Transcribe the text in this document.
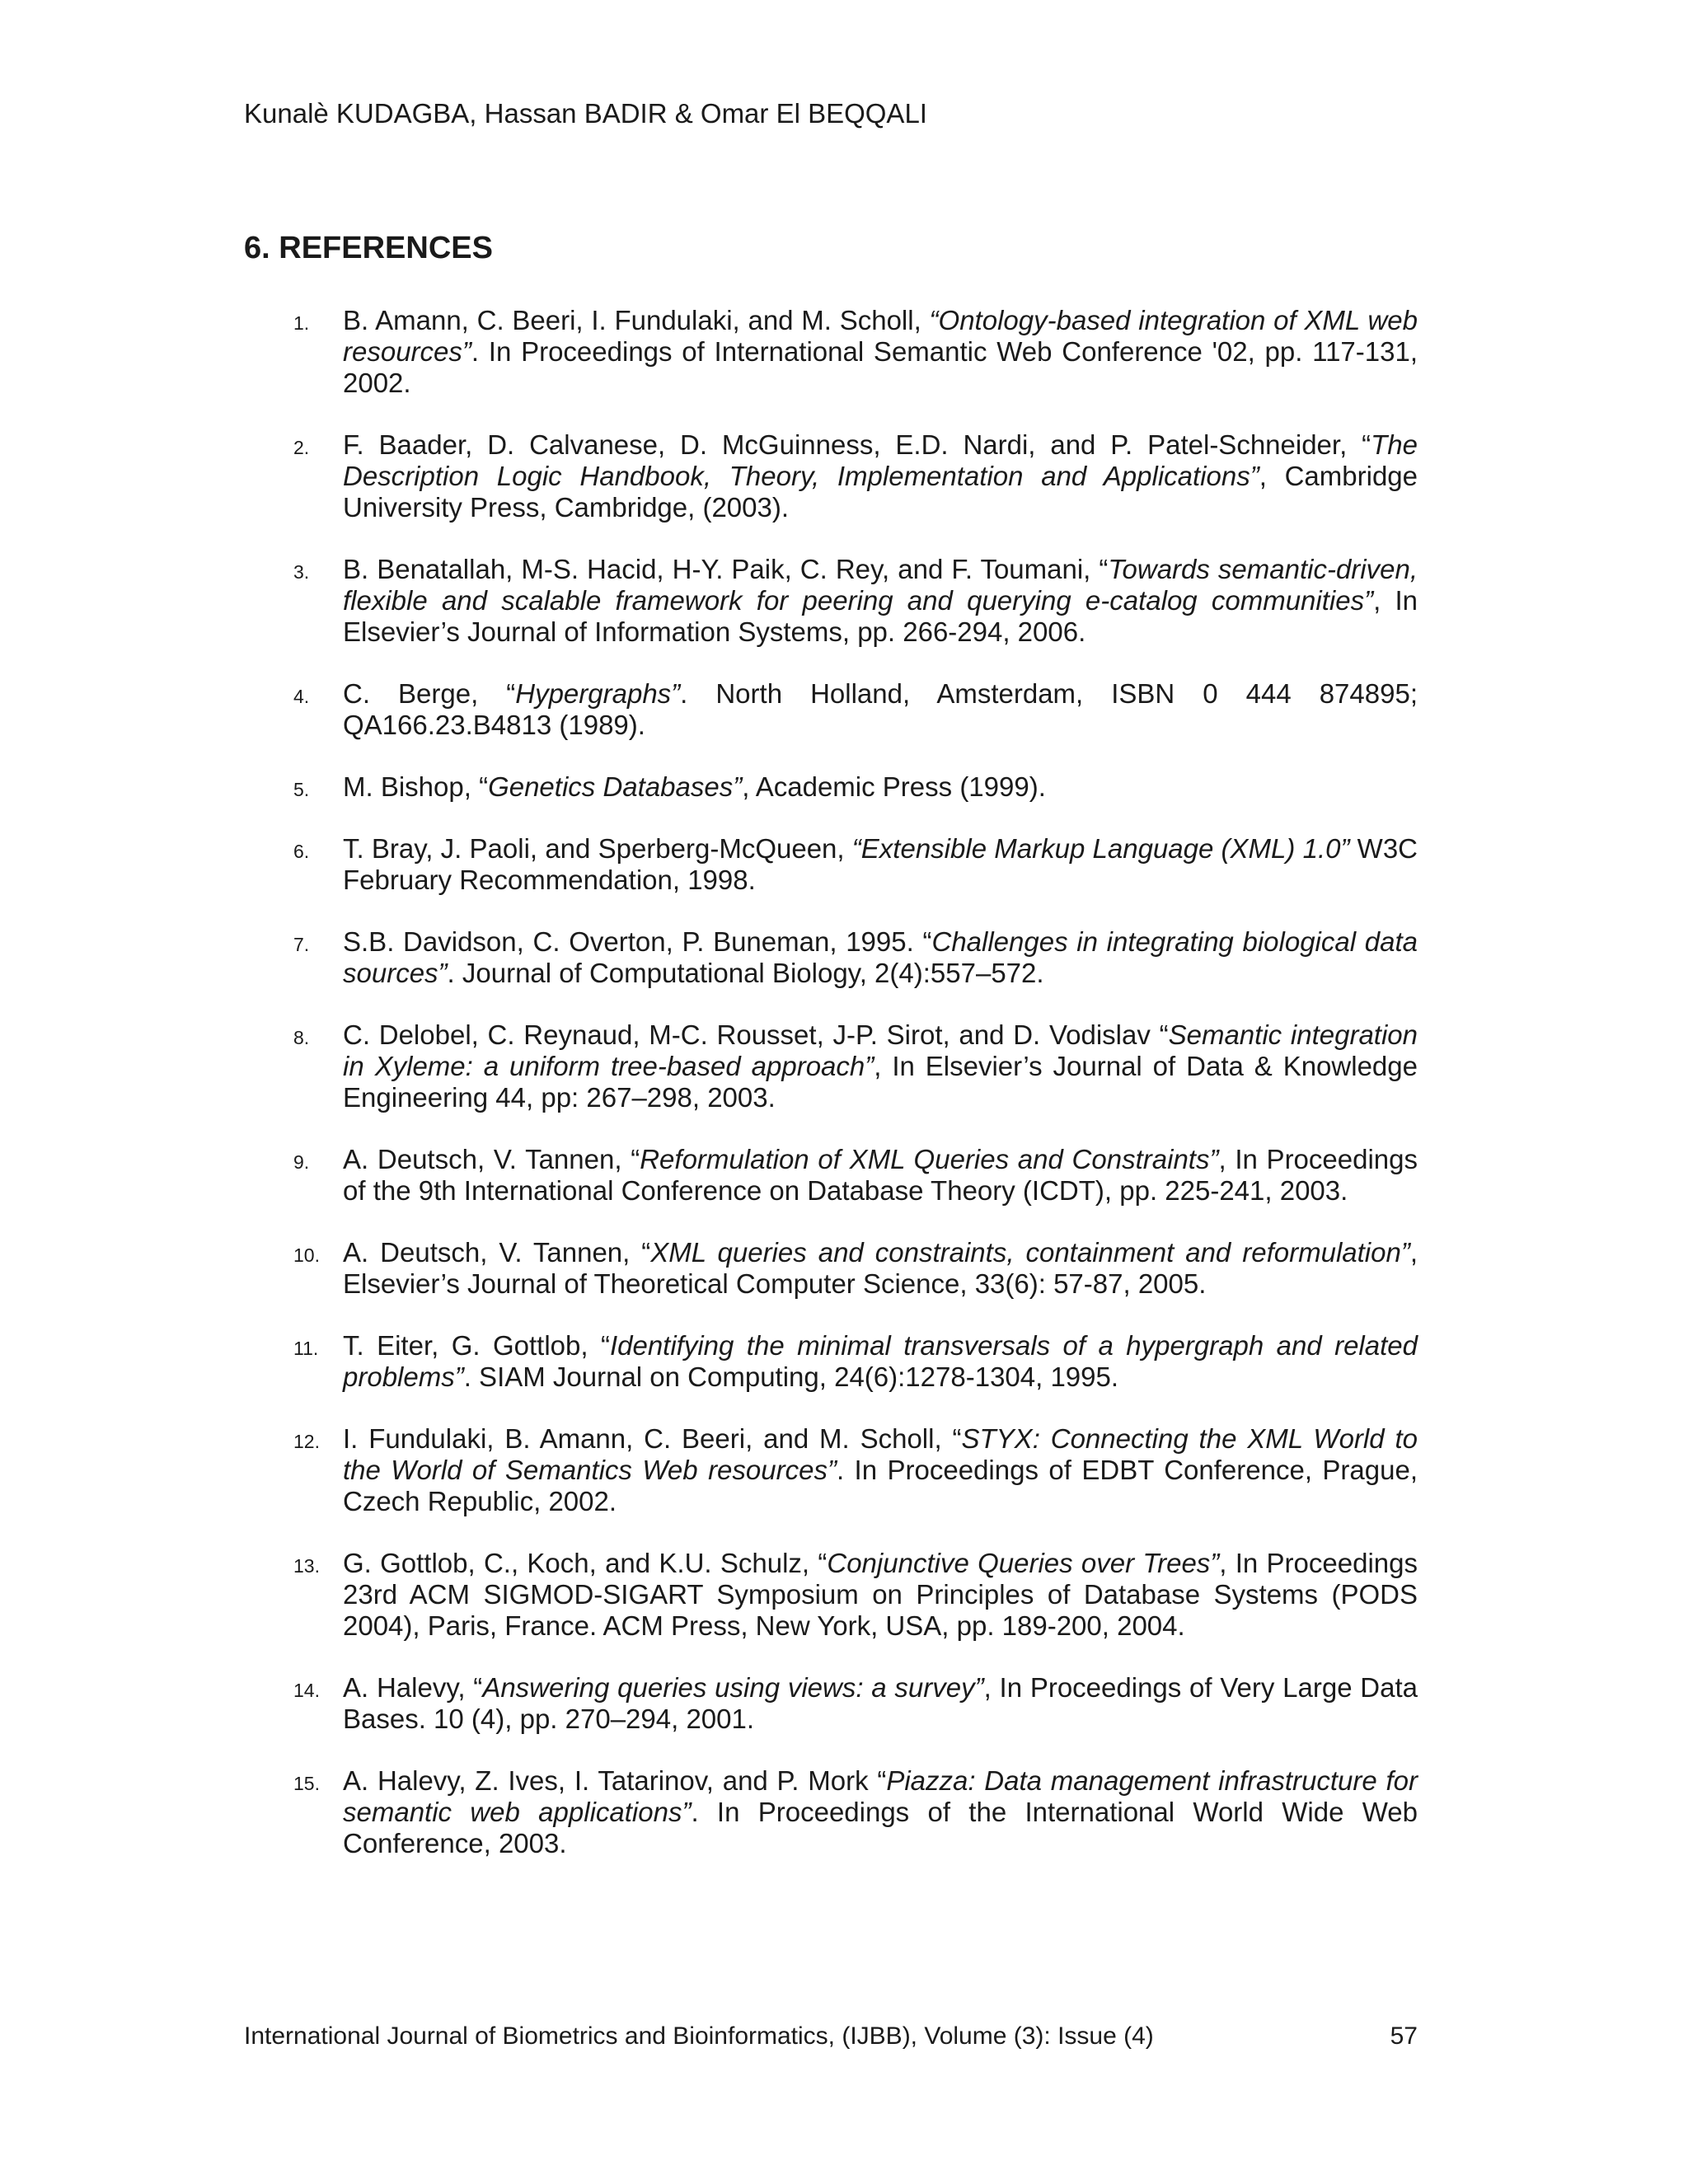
Kunalè KUDAGBA, Hassan BADIR & Omar El BEQQALI
6. REFERENCES
1. B. Amann, C. Beeri, I. Fundulaki, and M. Scholl, “Ontology-based integration of XML web resources”. In Proceedings of International Semantic Web Conference '02, pp. 117-131, 2002.
2. F. Baader, D. Calvanese, D. McGuinness, E.D. Nardi, and P. Patel-Schneider, “The Description Logic Handbook, Theory, Implementation and Applications”, Cambridge University Press, Cambridge, (2003).
3. B. Benatallah, M-S. Hacid, H-Y. Paik, C. Rey, and F. Toumani, “Towards semantic-driven, flexible and scalable framework for peering and querying e-catalog communities”, In Elsevier’s Journal of Information Systems, pp. 266-294, 2006.
4. C. Berge, “Hypergraphs”. North Holland, Amsterdam, ISBN 0 444 874895; QA166.23.B4813 (1989).
5. M. Bishop, “Genetics Databases”, Academic Press (1999).
6. T. Bray, J. Paoli, and Sperberg-McQueen, “Extensible Markup Language (XML) 1.0” W3C February Recommendation, 1998.
7. S.B. Davidson, C. Overton, P. Buneman, 1995. “Challenges in integrating biological data sources”. Journal of Computational Biology, 2(4):557–572.
8. C. Delobel, C. Reynaud, M-C. Rousset, J-P. Sirot, and D. Vodislav “Semantic integration in Xyleme: a uniform tree-based approach”, In Elsevier’s Journal of Data & Knowledge Engineering 44, pp: 267–298, 2003.
9. A. Deutsch, V. Tannen, “Reformulation of XML Queries and Constraints”, In Proceedings of the 9th International Conference on Database Theory (ICDT), pp. 225-241, 2003.
10. A. Deutsch, V. Tannen, “XML queries and constraints, containment and reformulation”, Elsevier’s Journal of Theoretical Computer Science, 33(6): 57-87, 2005.
11. T. Eiter, G. Gottlob, “Identifying the minimal transversals of a hypergraph and related problems”. SIAM Journal on Computing, 24(6):1278-1304, 1995.
12. I. Fundulaki, B. Amann, C. Beeri, and M. Scholl, “STYX: Connecting the XML World to the World of Semantics Web resources”. In Proceedings of EDBT Conference, Prague, Czech Republic, 2002.
13. G. Gottlob, C., Koch, and K.U. Schulz, “Conjunctive Queries over Trees”, In Proceedings 23rd ACM SIGMOD-SIGART Symposium on Principles of Database Systems (PODS 2004), Paris, France. ACM Press, New York, USA, pp. 189-200, 2004.
14. A. Halevy, “Answering queries using views: a survey”, In Proceedings of Very Large Data Bases. 10 (4), pp. 270–294, 2001.
15. A. Halevy, Z. Ives, I. Tatarinov, and P. Mork “Piazza: Data management infrastructure for semantic web applications”. In Proceedings of the International World Wide Web Conference, 2003.
International Journal of Biometrics and Bioinformatics, (IJBB), Volume (3): Issue (4)	57
